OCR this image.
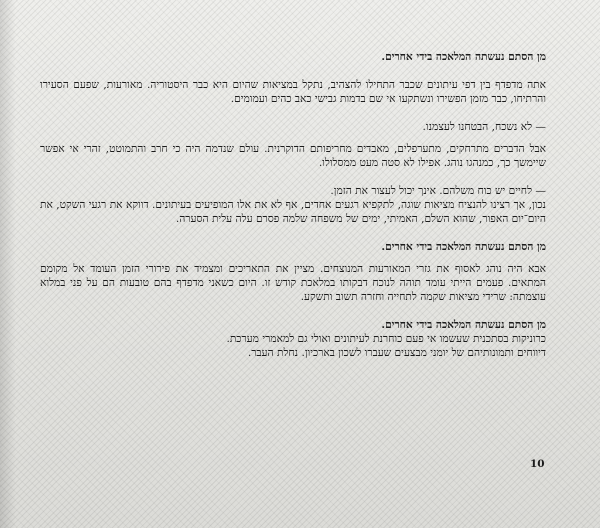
מן הסתם נעשתה המלאכה בידי אחרים.

אתה מדפדף בין דפי עיתונים שכבר התחילו להצהיב, נתקל במציאות שהיום היא כבר היסטוריה. מאורעות, שפעם הסעירו והרתיחו, כבר מזמן הפשירו ונשתקעו אי שם בדמות גבישי כאב כהים ועמומים.

— לא נשכח, הבטחנו לעצמנו.

אבל הדברים מתרחקים, מתערפלים, מאבדים מחריפותם הדוקרנית. עולם שנדמה היה כי חרב והתמוטט, זהרי אי אפשר שיימשך כך, כמנהגו נוהג. אפילו לא סטה מעט ממסלולו.

— לחיים יש כוח משלהם. אינך יכול לעצור את הזמן.

נכון, אך רצינו להנציח מציאות שוגה, לתקפיא רגעים אחדים, אף לא את אלו המופיעים בעיתונים. דווקא את רגעי השקט, את היום־יום האפור, שהוא השלם, האמיתי, ימים של משפחה שלמה פסרם עלה עלית הסערה.

מן הסתם נעשתה המלאכה בידי אחרים.

אבא היה נוהג לאסוף את גזרי המאורעות המנוצחים. מציין את התאריכים ומצמיד את פירורי הזמן העומד אל מקומם המתאים. פעמים הייתי עומד תוהה לנוכח דבקותו במלאכת קודש זו. היום כשאני מדפדף בהם טובעות הם על פני במלוא עוצמתה: שרידי מציאות שקמה לתחייה וחזרה תשוב ותשקע.

מן הסתם נעשתה המלאכה בידי אחרים.

כרוניקות בסתכנית שעשמו אי פעם כוחרנת לעיתונים ואולי גם למאמרי מערכת.

דיווחים ותמונותיהם של יומני מבצעים שעברו לשכון בארכיון. נחלת העבר.

10
